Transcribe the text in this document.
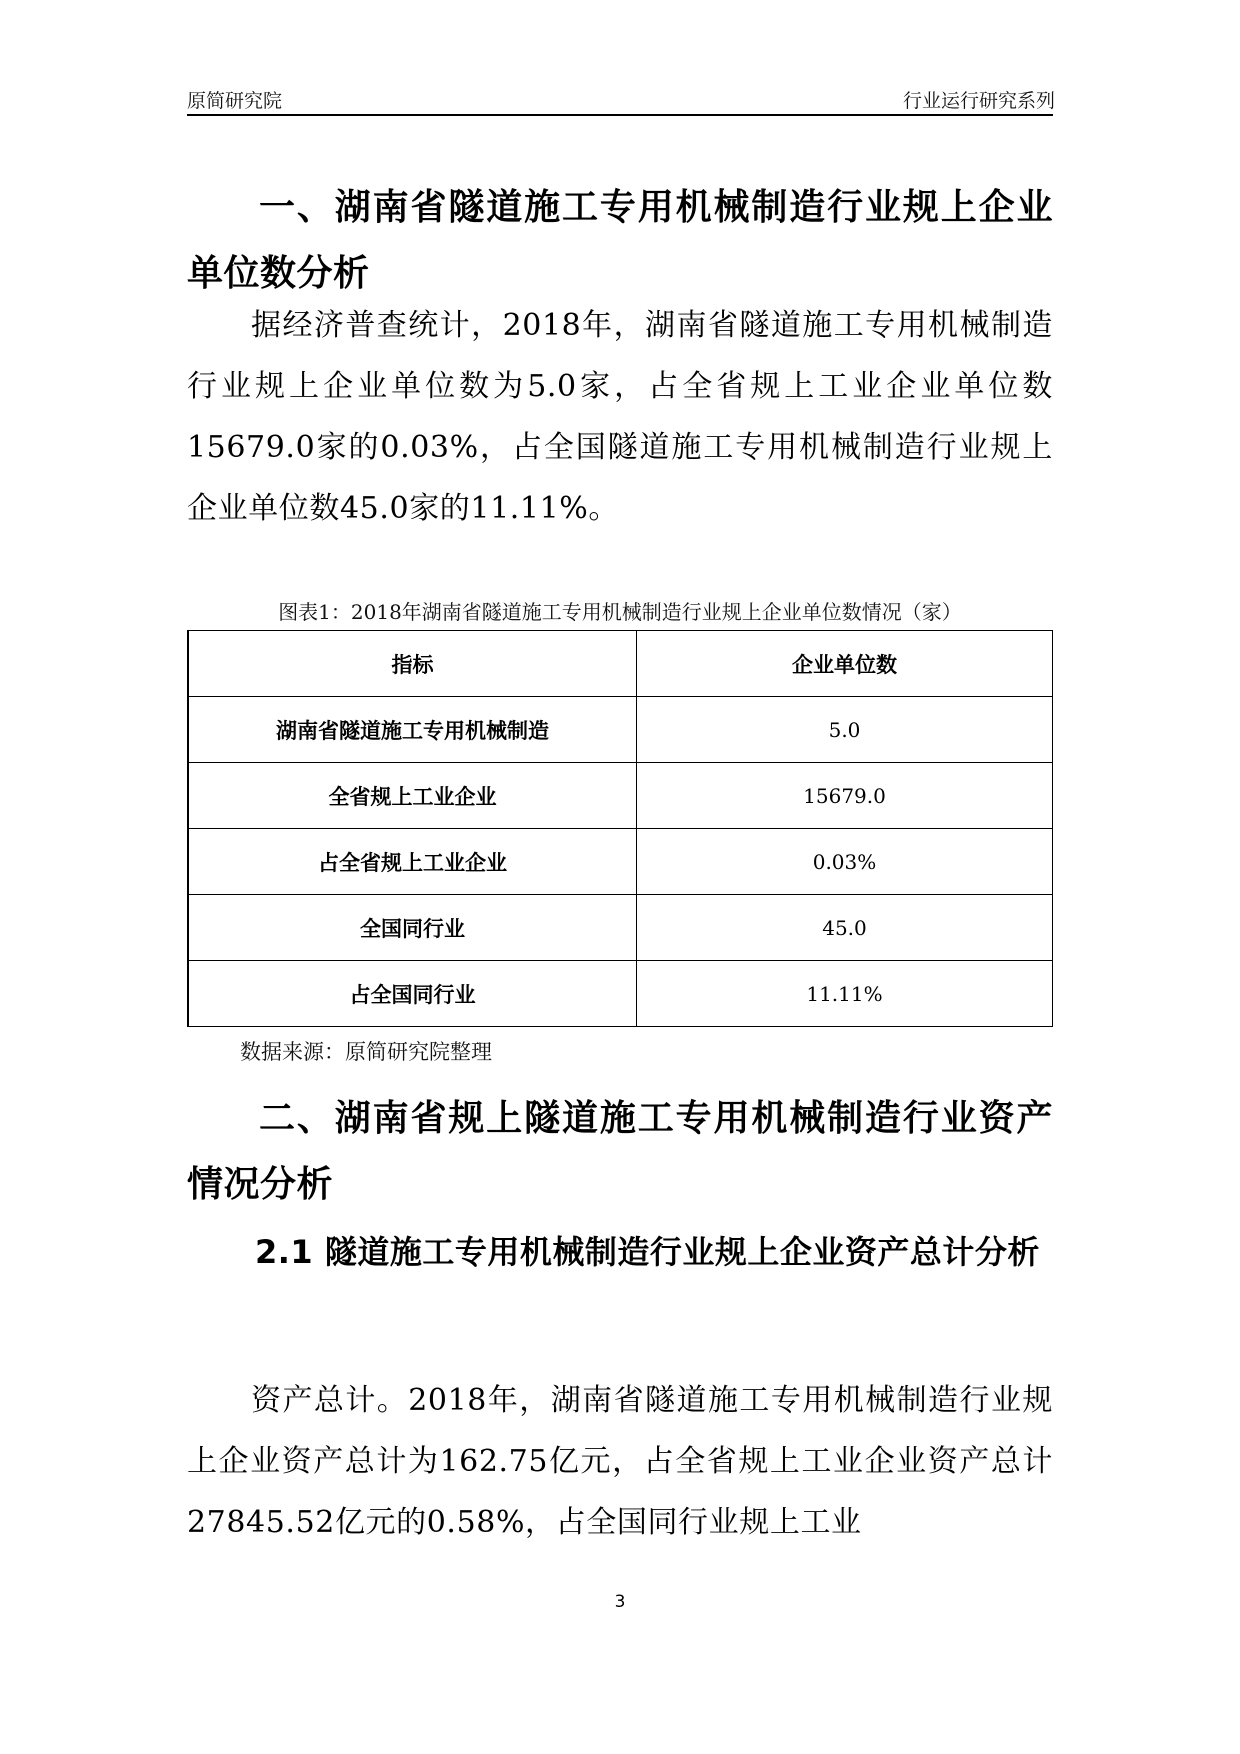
原简研究院	行业运行研究系列
一、湖南省隧道施工专用机械制造行业规上企业单位数分析

据经济普查统计，2018年，湖南省隧道施工专用机械制造行业规上企业单位数为5.0家，占全省规上工业企业单位数15679.0家的0.03%，占全国隧道施工专用机械制造行业规上企业单位数45.0家的11.11%。

图表1：2018年湖南省隧道施工专用机械制造行业规上企业单位数情况（家）
指标	企业单位数
湖南省隧道施工专用机械制造	5.0
全省规上工业企业	15679.0
占全省规上工业企业	0.03%
全国同行业	45.0
占全国同行业	11.11%
数据来源：原简研究院整理
二、湖南省规上隧道施工专用机械制造行业资产情况分析
2.1 隧道施工专用机械制造行业规上企业资产总计分析

资产总计。2018年，湖南省隧道施工专用机械制造行业规上企业资产总计为162.75亿元，占全省规上工业企业资产总计27845.52亿元的0.58%，占全国同行业规上工业

3
